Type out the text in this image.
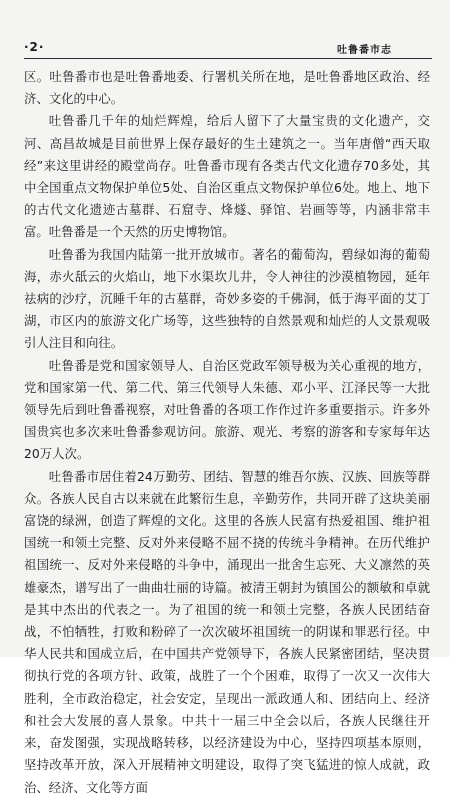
·2·	吐鲁番市志

区。吐鲁番市也是吐鲁番地委、行署机关所在地，是吐鲁番地区政治、经济、文化的中心。

吐鲁番几千年的灿烂辉煌，给后人留下了大量宝贵的文化遗产，交河、高昌故城是目前世界上保存最好的生土建筑之一。当年唐僧“西天取经”来这里讲经的殿堂尚存。吐鲁番市现有各类古代文化遗存70多处，其中全国重点文物保护单位5处、自治区重点文物保护单位6处。地上、地下的古代文化遗迹古墓群、石窟寺、烽燧、驿馆、岩画等等，内涵非常丰富。吐鲁番是一个天然的历史博物馆。

吐鲁番为我国内陆第一批开放城市。著名的葡萄沟，碧绿如海的葡萄海，赤火舐云的火焰山，地下水渠坎儿井，令人神往的沙漠植物园，延年祛病的沙疗，沉睡千年的古墓群，奇妙多姿的千佛洞，低于海平面的艾丁湖，市区内的旅游文化广场等，这些独特的自然景观和灿烂的人文景观吸引人注目和向往。

吐鲁番是党和国家领导人、自治区党政军领导极为关心重视的地方，党和国家第一代、第二代、第三代领导人朱德、邓小平、江泽民等一大批领导先后到吐鲁番视察，对吐鲁番的各项工作作过许多重要指示。许多外国贵宾也多次来吐鲁番参观访问。旅游、观光、考察的游客和专家每年达20万人次。

吐鲁番市居住着24万勤劳、团结、智慧的维吾尔族、汉族、回族等群众。各族人民自古以来就在此繁衍生息，辛勤劳作，共同开辟了这块美丽富饶的绿洲，创造了辉煌的文化。这里的各族人民富有热爱祖国、维护祖国统一和领土完整、反对外来侵略不屈不挠的传统斗争精神。在历代维护祖国统一、反对外来侵略的斗争中，涌现出一批舍生忘死、大义凛然的英雄豪杰，谱写出了一曲曲壮丽的诗篇。被清王朝封为镇国公的额敏和卓就是其中杰出的代表之一。为了祖国的统一和领土完整，各族人民团结奋战，不怕牺牲，打败和粉碎了一次次破坏祖国统一的阴谋和罪恶行径。中华人民共和国成立后，在中国共产党领导下，各族人民紧密团结，坚决贯彻执行党的各项方针、政策，战胜了一个个困难，取得了一次又一次伟大胜利，全市政治稳定，社会安定，呈现出一派政通人和、团结向上、经济和社会大发展的喜人景象。中共十一届三中全会以后，各族人民继往开来，奋发图强，实现战略转移，以经济建设为中心，坚持四项基本原则，坚持改革开放，深入开展精神文明建设，取得了突飞猛进的惊人成就，政治、经济、文化等方面
